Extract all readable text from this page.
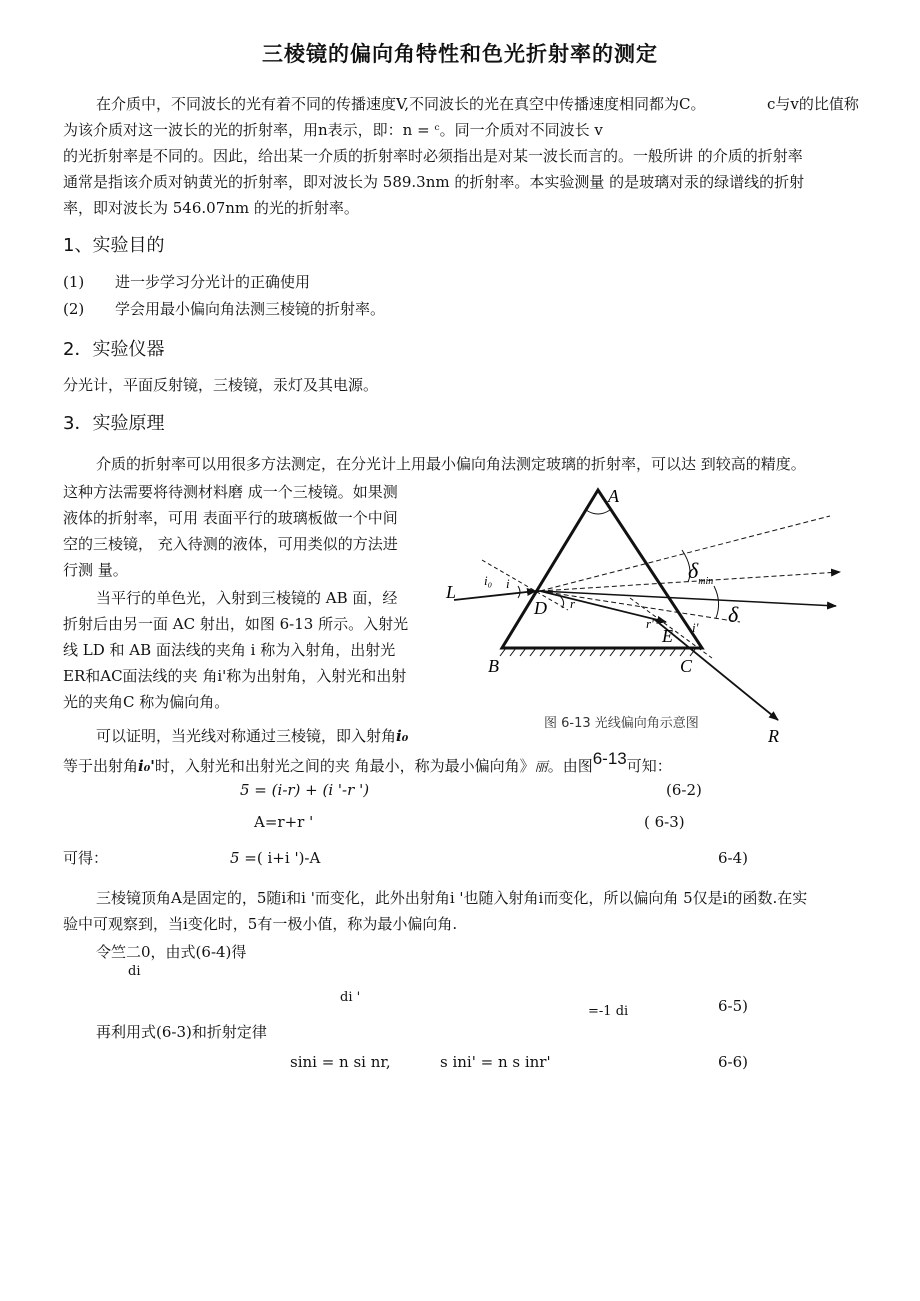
三棱镜的偏向角特性和色光折射率的测定
在介质中，不同波长的光有着不同的传播速度V,不同波长的光在真空中传播速度相同都为C。	c与v的比值称
为该介质对这一波长的光的折射率，用n表示，即：n = ᶜ。同一介质对不同波长 v
的光折射率是不同的。因此，给出某一介质的折射率时必须指出是对某一波长而言的。一般所讲 的介质的折射率
通常是指该介质对钠黄光的折射率，即对波长为 589.3nm 的折射率。本实验测量 的是玻璃对汞的绿谱线的折射
率，即对波长为 546.07nm 的光的折射率。
1、实验目的
(1) 进一步学习分光计的正确使用
(2) 学会用最小偏向角法测三棱镜的折射率。
2．实验仪器
分光计，平面反射镜，三棱镜，汞灯及其电源。
3．实验原理
介质的折射率可以用很多方法测定，在分光计上用最小偏向角法测定玻璃的折射率，可以达 到较高的精度。
这种方法需要将待测材料磨 成一个三棱镜。如果测
液体的折射率，可用 表面平行的玻璃板做一个中间
空的三棱镜， 充入待测的液体，可用类似的方法进
行测 量。
当平行的单色光，入射到三棱镜的 AB 面，经
折射后由另一面 AC 射出，如图 6-13 所示。入射光
线 LD 和 AB 面法线的夹角 i 称为入射角，出射光
ER和AC面法线的夹 角i'称为出射角，入射光和出射
光的夹角C 称为偏向角。
可以证明，当光线对称通过三棱镜，即入射角i₀
等于出射角i₀'时，入射光和出射光之间的夹 角最小，称为最小偏向角》丽。由图6-13可知：
A
B	C
D
E
L
R
i₀ i
r
r'	i'
$\delta_{min}$
δ
图 6-13 光线偏向角示意图
5 = (i-r) + (i '-r ')	(6-2)
A=r+r '	( 6-3)
可得：	5 =( i+i ')-A	6-4)
三棱镜顶角A是固定的，5随i和i '而变化，此外出射角i '也随入射角i而变化，所以偏向角 5仅是i的函数.在实
验中可观察到，当i变化时，5有一极小值，称为最小偏向角.
令竺二0，由式(6-4)得
di
di '
=-1 di	6-5)
再利用式(6-3)和折射定律
sini = n si nr,	s ini' = n s inr'	6-6)
